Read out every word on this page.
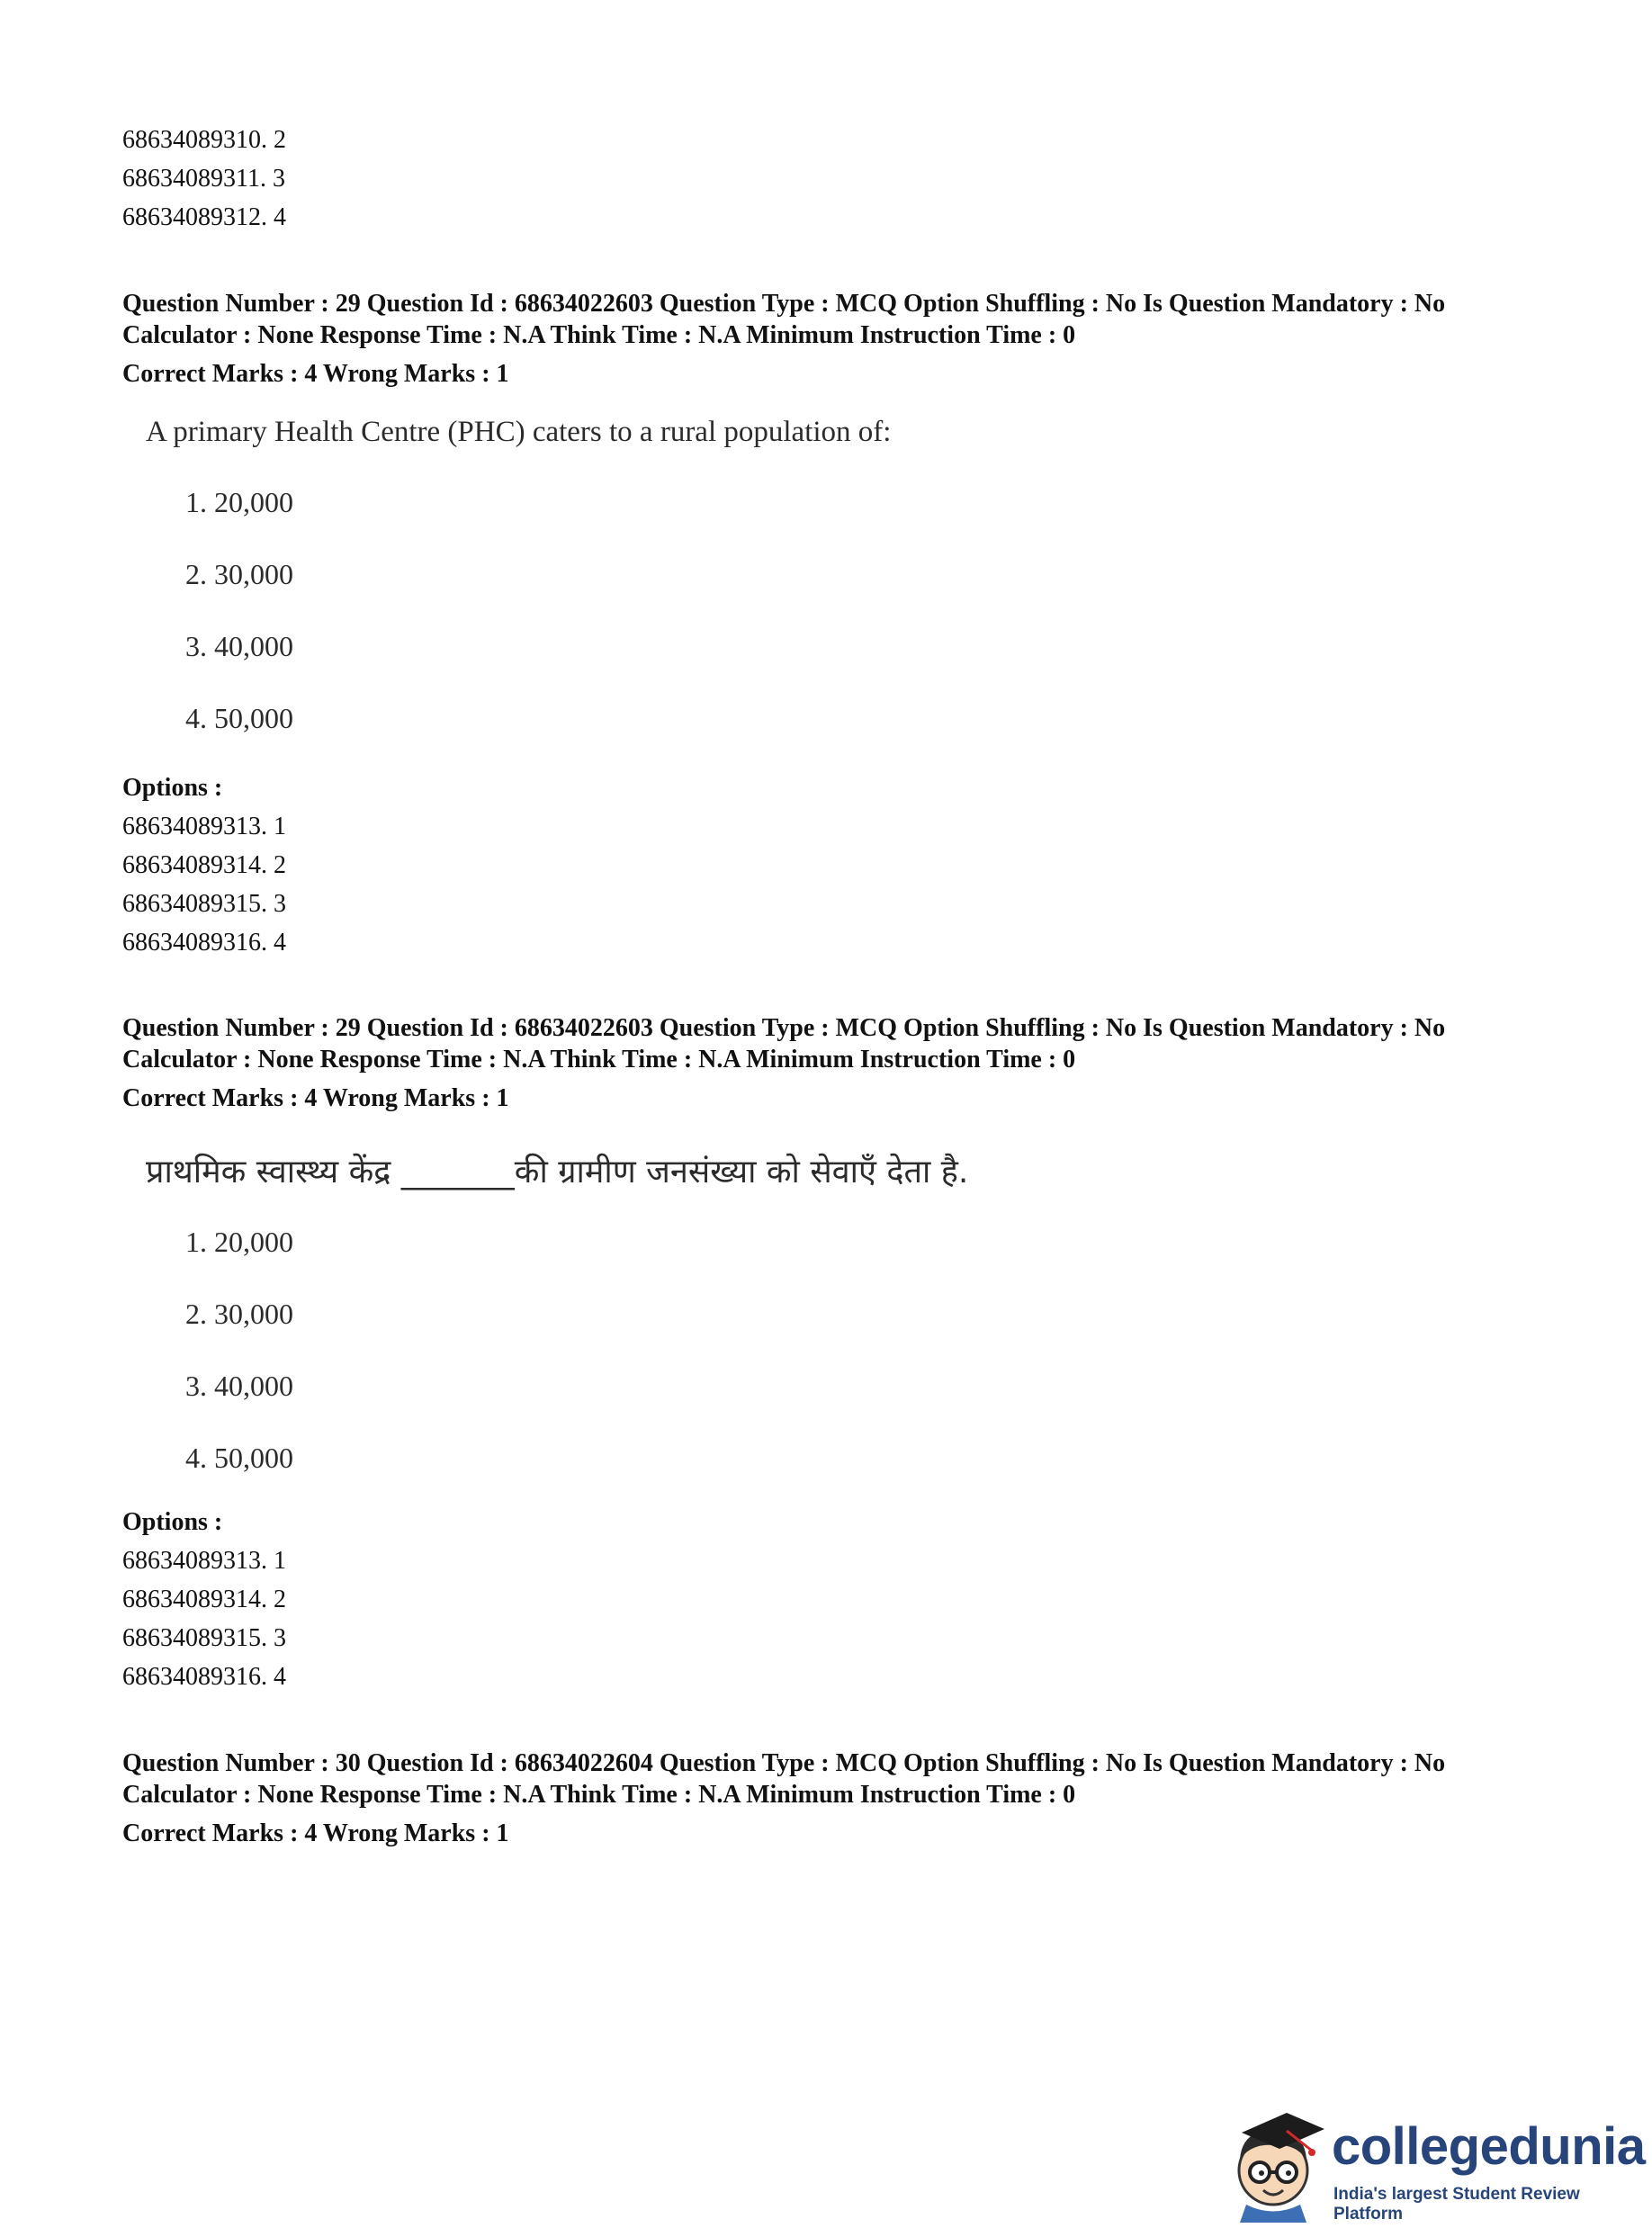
68634089310. 2

68634089311. 3

68634089312. 4

Question Number : 29 Question Id : 68634022603 Question Type : MCQ Option Shuffling : No Is Question Mandatory : No Calculator : None Response Time : N.A Think Time : N.A Minimum Instruction Time : 0

Correct Marks : 4 Wrong Marks : 1

A primary Health Centre (PHC) caters to a rural population of:

1. 20,000

2. 30,000

3. 40,000

4. 50,000

Options :

68634089313. 1

68634089314. 2

68634089315. 3

68634089316. 4

Question Number : 29 Question Id : 68634022603 Question Type : MCQ Option Shuffling : No Is Question Mandatory : No Calculator : None Response Time : N.A Think Time : N.A Minimum Instruction Time : 0

Correct Marks : 4 Wrong Marks : 1

प्राथमिक स्वास्थ्य केंद्र _______की ग्रामीण जनसंख्या को सेवाएँ देता है.

1. 20,000

2. 30,000

3. 40,000

4. 50,000

Options :

68634089313. 1

68634089314. 2

68634089315. 3

68634089316. 4

Question Number : 30 Question Id : 68634022604 Question Type : MCQ Option Shuffling : No Is Question Mandatory : No Calculator : None Response Time : N.A Think Time : N.A Minimum Instruction Time : 0

Correct Marks : 4 Wrong Marks : 1

collegedunia
India's largest Student Review Platform
